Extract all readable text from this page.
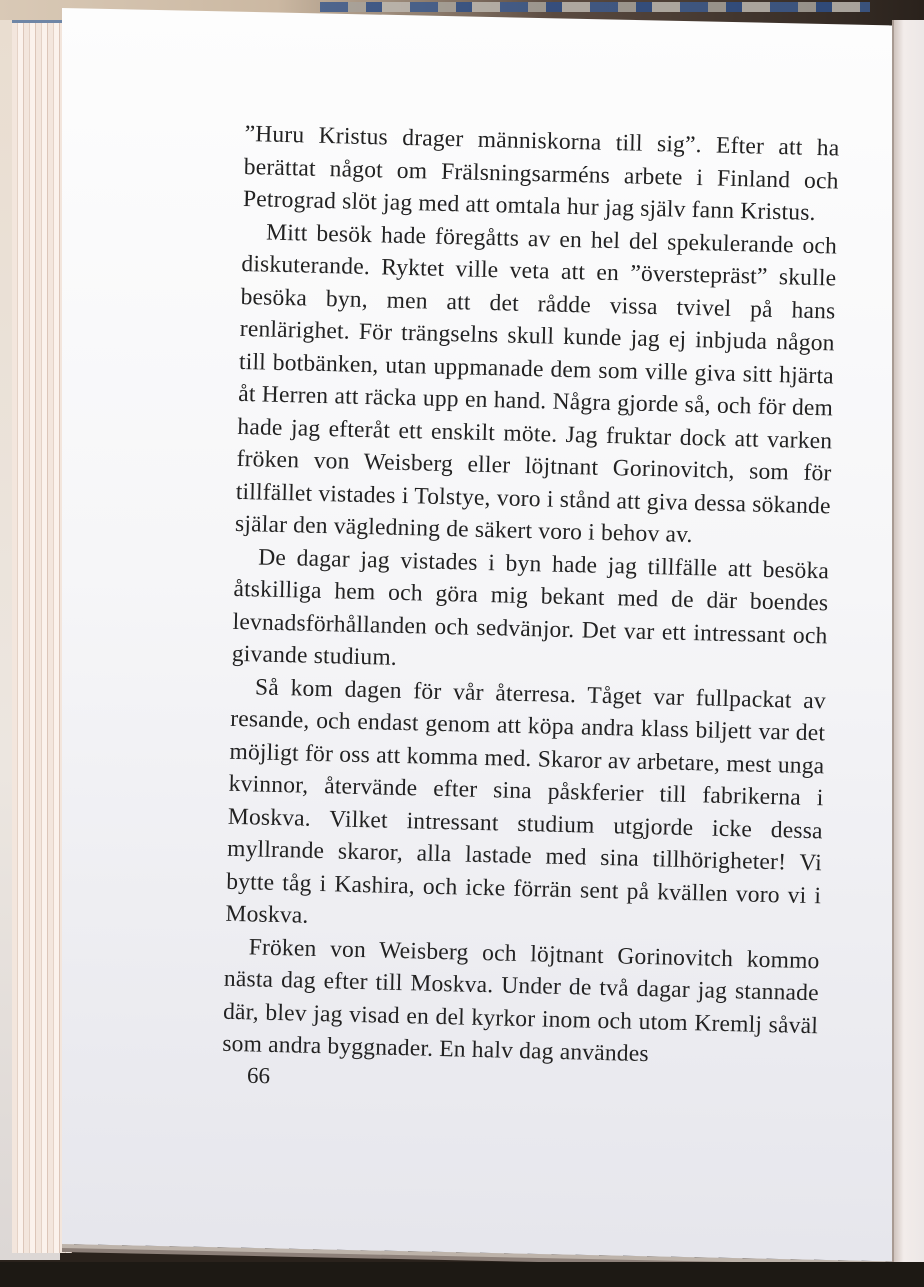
”Huru Kristus drager människorna till sig”. Efter att ha berättat något om Frälsningsarméns arbete i Finland och Petrograd slöt jag med att omtala hur jag själv fann Kristus.

Mitt besök hade föregåtts av en hel del spekulerande och diskuterande. Ryktet ville veta att en ”överstepräst” skulle besöka byn, men att det rådde vissa tvivel på hans renlärighet. För trängselns skull kunde jag ej inbjuda någon till botbänken, utan uppmanade dem som ville giva sitt hjärta åt Herren att räcka upp en hand. Några gjorde så, och för dem hade jag efteråt ett enskilt möte. Jag fruktar dock att varken fröken von Weisberg eller löjtnant Gorinovitch, som för tillfället vistades i Tolstye, voro i stånd att giva dessa sökande själar den vägledning de säkert voro i behov av.

De dagar jag vistades i byn hade jag tillfälle att besöka åtskilliga hem och göra mig bekant med de där boendes levnadsförhållanden och sedvänjor. Det var ett intressant och givande studium.

Så kom dagen för vår återresa. Tåget var fullpackat av resande, och endast genom att köpa andra klass biljett var det möjligt för oss att komma med. Skaror av arbetare, mest unga kvinnor, återvände efter sina påskferier till fabrikerna i Moskva. Vilket intressant studium utgjorde icke dessa myllrande skaror, alla lastade med sina tillhörigheter! Vi bytte tåg i Kashira, och icke förrän sent på kvällen voro vi i Moskva.

Fröken von Weisberg och löjtnant Gorinovitch kommo nästa dag efter till Moskva. Under de två dagar jag stannade där, blev jag visad en del kyrkor inom och utom Kremlj såväl som andra byggnader. En halv dag användes

66
